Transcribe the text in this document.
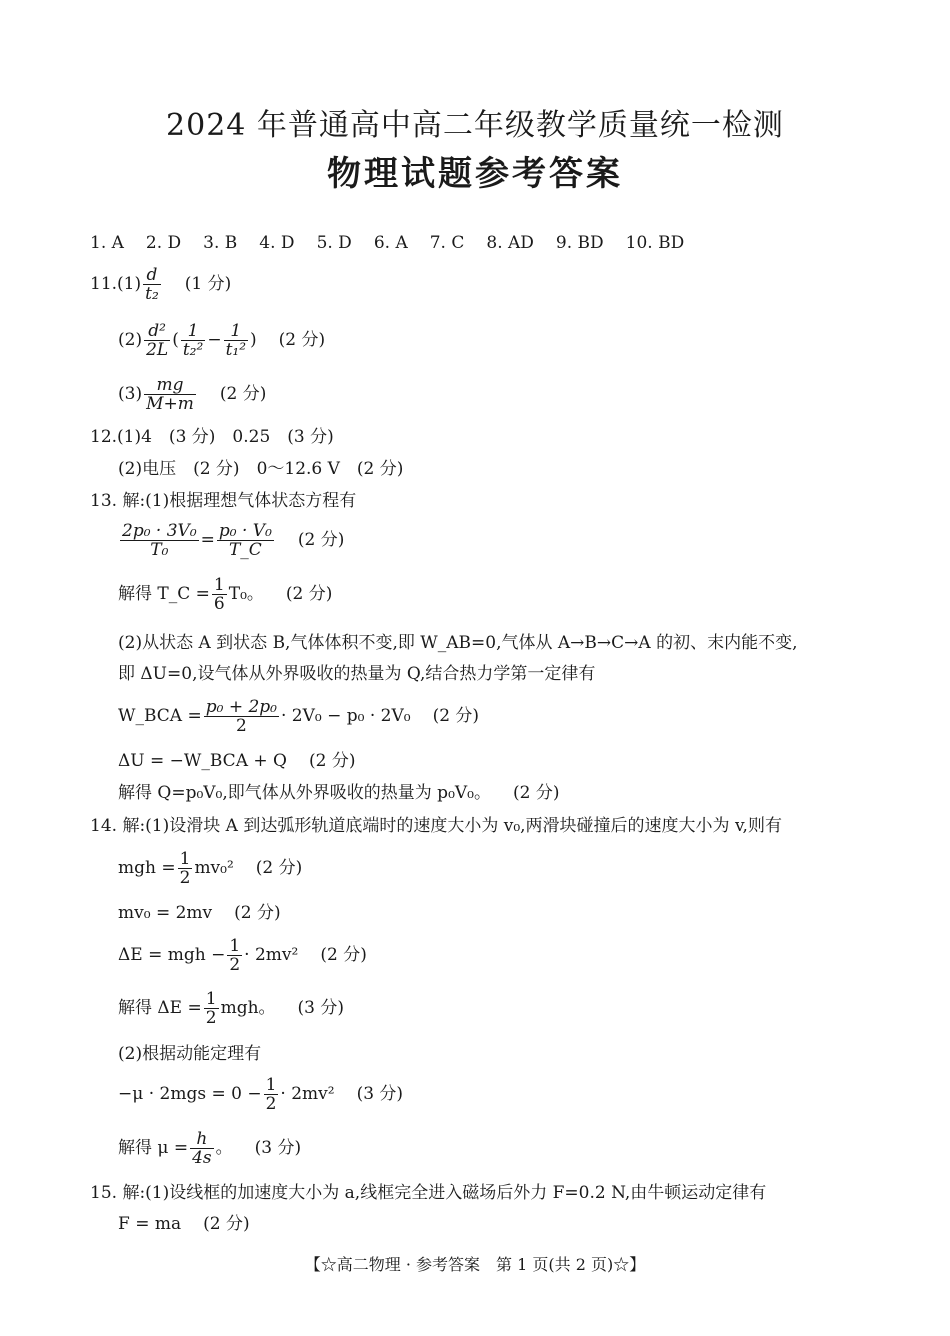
2024 年普通高中高二年级教学质量统一检测
物理试题参考答案
1. A 2. D 3. B 4. D 5. D 6. A 7. C 8. AD 9. BD 10. BD
$11.(1) \frac{d}{\text{t₂}} (1$ 分)
$(2) \frac{\text{d²}}{2L}$ ( $\frac{1}{\text{t₂²}} - \frac{1}{\text{t₁²}}$ ) (2 分)
$(3) \frac{mg}{M+m} (2$ 分)
12.(1)4　(3 分)　0.25　(3 分)
(2)电压　(2 分)　0～12.6 V　(2 分)
13. 解:(1)根据理想气体状态方程有
$\frac{\text{2p₀ · 3V₀}}{\text{T₀}} = \frac{\text{p₀ · V₀}}{T\_C} (2$ 分)
解得 T_C = $\frac{1}{6} T_0$。 (2 分)
(2)从状态 A 到状态 B,气体体积不变,即 W_AB=0,气体从 A→B→C→A 的初、末内能不变,
即 ΔU=0,设气体从外界吸收的热量为 Q,结合热力学第一定律有
W_BCA = $\frac{\text{p₀ + 2p₀}}{2} \cdot 2V_0 - p_0 \cdot 2V_0$ (2 分)
ΔU = −W_BCA + Q (2 分)
解得 Q=p₀V₀,即气体从外界吸收的热量为 p₀V₀。 (2 分)
14. 解:(1)设滑块 A 到达弧形轨道底端时的速度大小为 v₀,两滑块碰撞后的速度大小为 v,则有
mgh = $\frac{1}{2} mv_0^2$ (2 分)
mv₀ = 2mv (2 分)
ΔE = mgh − $\frac{1}{2} \cdot 2mv^2$ (2 分)
解得 $\Delta E = \frac{1}{2}$ mgh。 (3 分)
(2)根据动能定理有
$-\mu \cdot 2mgs = 0 - \frac{1}{2} \cdot 2mv^2$ (3 分)
解得 $\mu = \frac{h}{4s}$ 。 (3 分)
15. 解:(1)设线框的加速度大小为 a,线框完全进入磁场后外力 F=0.2 N,由牛顿运动定律有
F = ma (2 分)
【☆高二物理 · 参考答案　第 1 页(共 2 页)☆】
